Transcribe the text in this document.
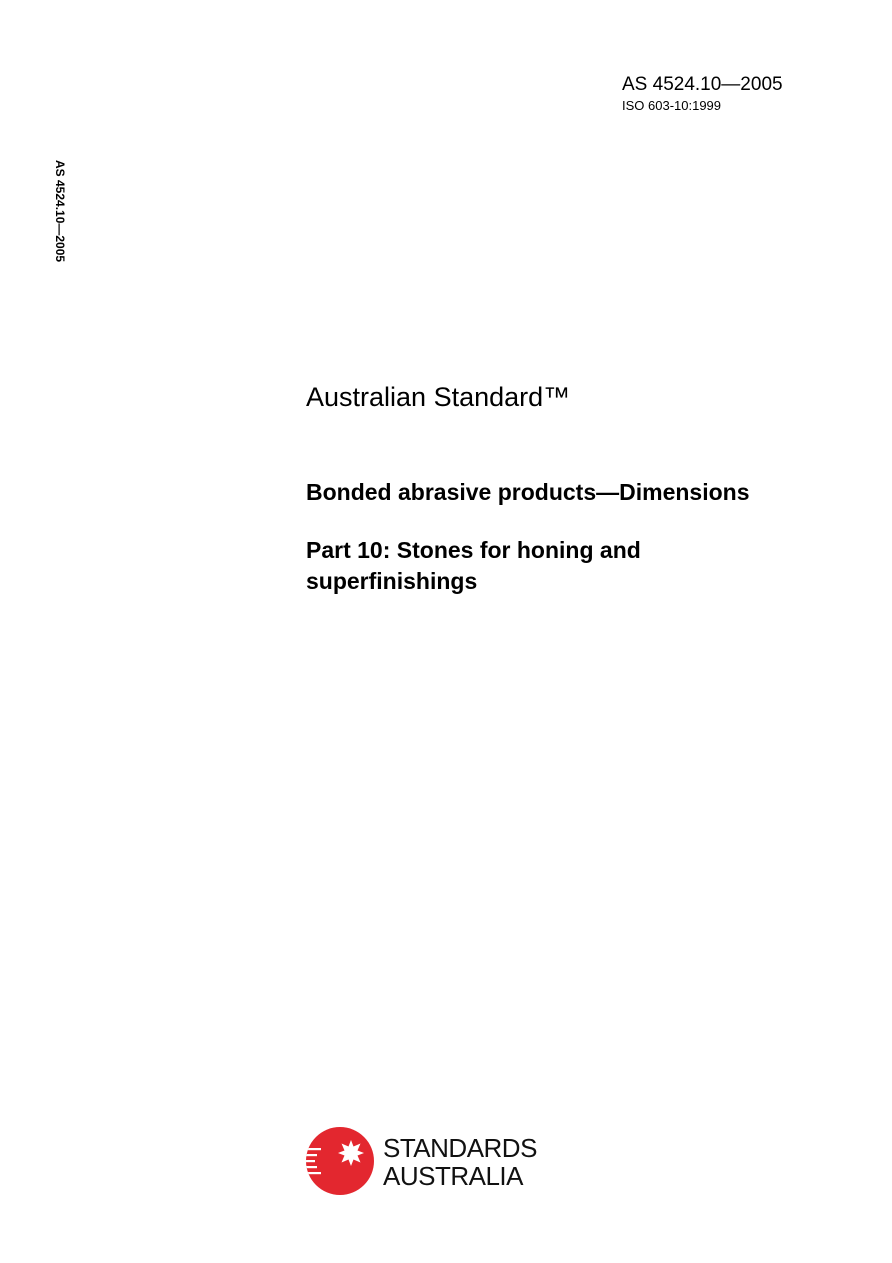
AS 4524.10—2005
ISO 603-10:1999
AS 4524.10—2005
Australian Standard™
Bonded abrasive products—Dimensions
Part 10: Stones for honing and superfinishings
STANDARDS
AUSTRALIA
